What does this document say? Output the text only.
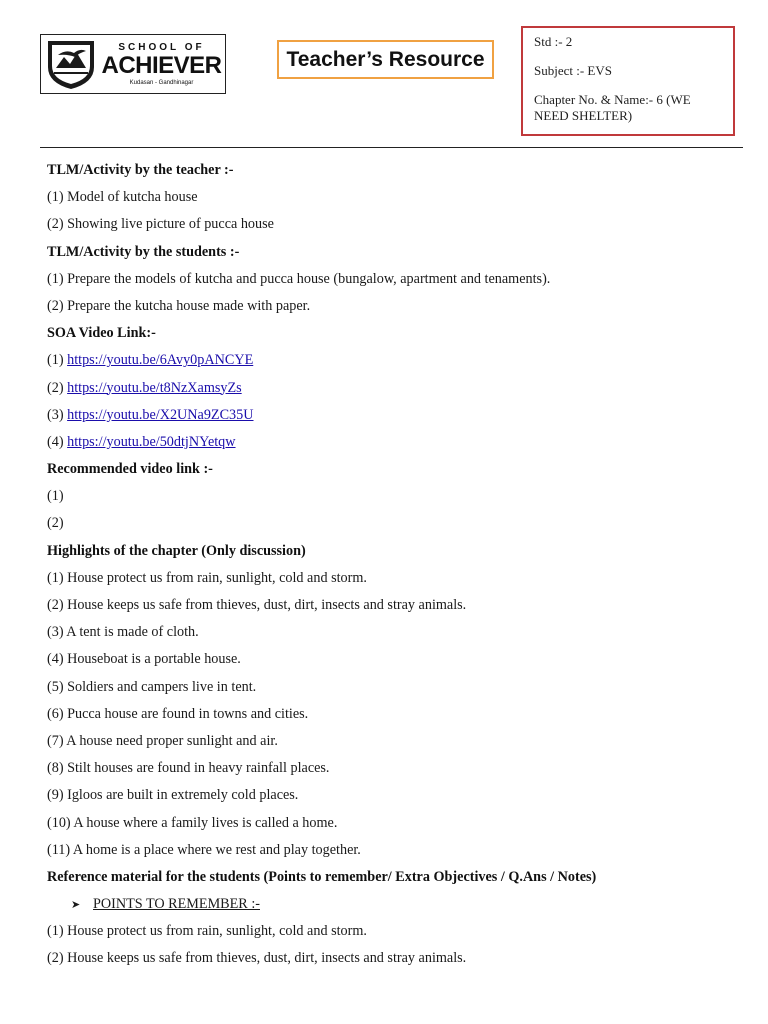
SCHOOL OF
ACHIEVER
Kudasan - Gandhinagar
Teacher’s Resource
Std :- 2
Subject :- EVS
Chapter No. & Name:- 6 (WE NEED SHELTER)
TLM/Activity by the teacher :-
(1) Model of kutcha house
(2) Showing live picture of pucca house
TLM/Activity by the students :-
(1) Prepare the models of kutcha and pucca house (bungalow, apartment and tenaments).
(2) Prepare the kutcha house made with paper.
SOA Video Link:-
(1) https://youtu.be/6Avy0pANCYE
(2) https://youtu.be/t8NzXamsyZs
(3) https://youtu.be/X2UNa9ZC35U
(4) https://youtu.be/50dtjNYetqw
Recommended video link :-
(1)
(2)
Highlights of the chapter (Only discussion)
(1) House protect us from rain, sunlight, cold and storm.
(2) House keeps us safe from thieves, dust, dirt, insects and stray animals.
(3) A tent is made of cloth.
(4) Houseboat is a portable house.
(5) Soldiers and campers live in tent.
(6) Pucca house are found in towns and cities.
(7) A house need proper sunlight and air.
(8) Stilt houses are found in heavy rainfall places.
(9) Igloos are built in extremely cold places.
(10) A house where a family lives is called a home.
(11) A home is a place where we rest and play together.
Reference material for the students (Points to remember/ Extra Objectives / Q.Ans / Notes)
➤ POINTS TO REMEMBER :-
(1) House protect us from rain, sunlight, cold and storm.
(2) House keeps us safe from thieves, dust, dirt, insects and stray animals.
